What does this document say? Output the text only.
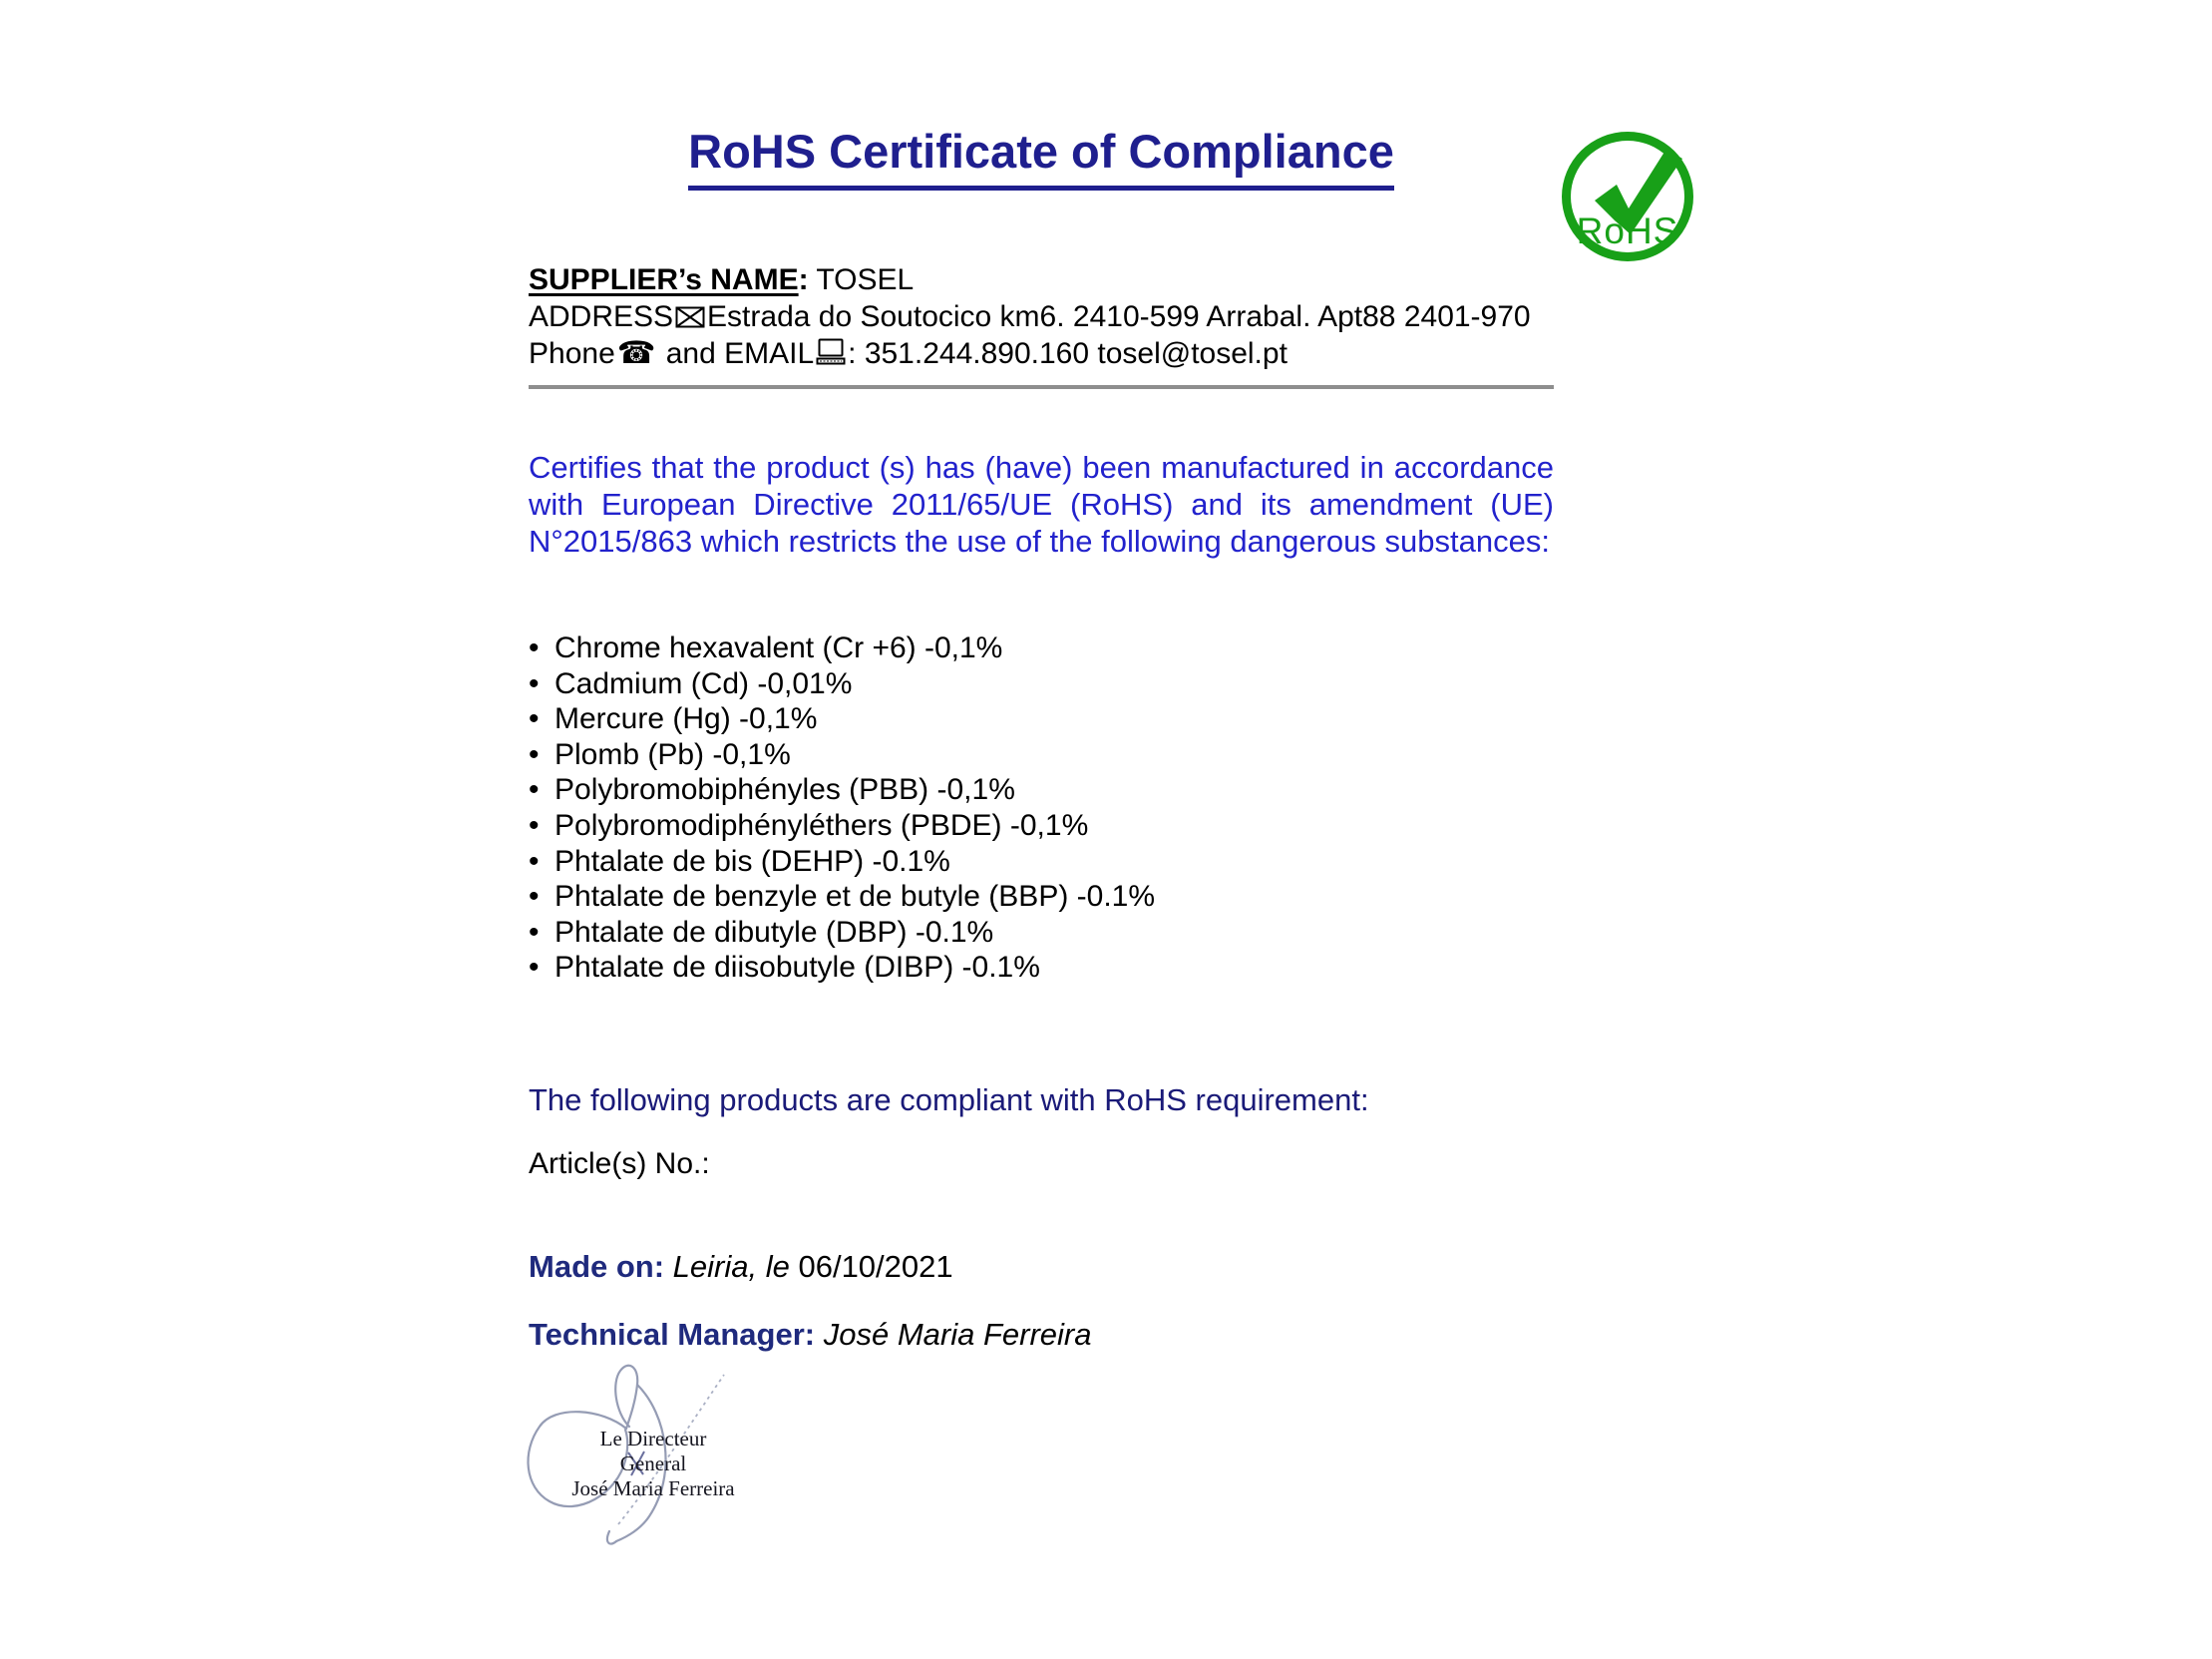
RoHS Certificate of Compliance
RoHS

SUPPLIER’s NAME: TOSEL

ADDRESS Estrada do Soutocico km6. 2410-599 Arrabal. Apt88 2401-970

Phone☎ and EMAIL : 351.244.890.160 tosel@tosel.pt

Certifies that the product (s) has (have) been manufactured in accordance with European Directive 2011/65/UE (RoHS) and its amendment (UE) N°2015/863 which restricts the use of the following dangerous substances:

• Chrome hexavalent (Cr +6) -0,1%
• Cadmium (Cd) -0,01%
• Mercure (Hg) -0,1%
• Plomb (Pb) -0,1%
• Polybromobiphényles (PBB) -0,1%
• Polybromodiphényléthers (PBDE) -0,1%
• Phtalate de bis (DEHP) -0.1%
• Phtalate de benzyle et de butyle (BBP) -0.1%
• Phtalate de dibutyle (DBP) -0.1%
• Phtalate de diisobutyle (DIBP) -0.1%

The following products are compliant with RoHS requirement:

Article(s) No.:

Made on: Leiria, le 06/10/2021

Technical Manager: José Maria Ferreira

Le Directeur General
José Maria Ferreira
